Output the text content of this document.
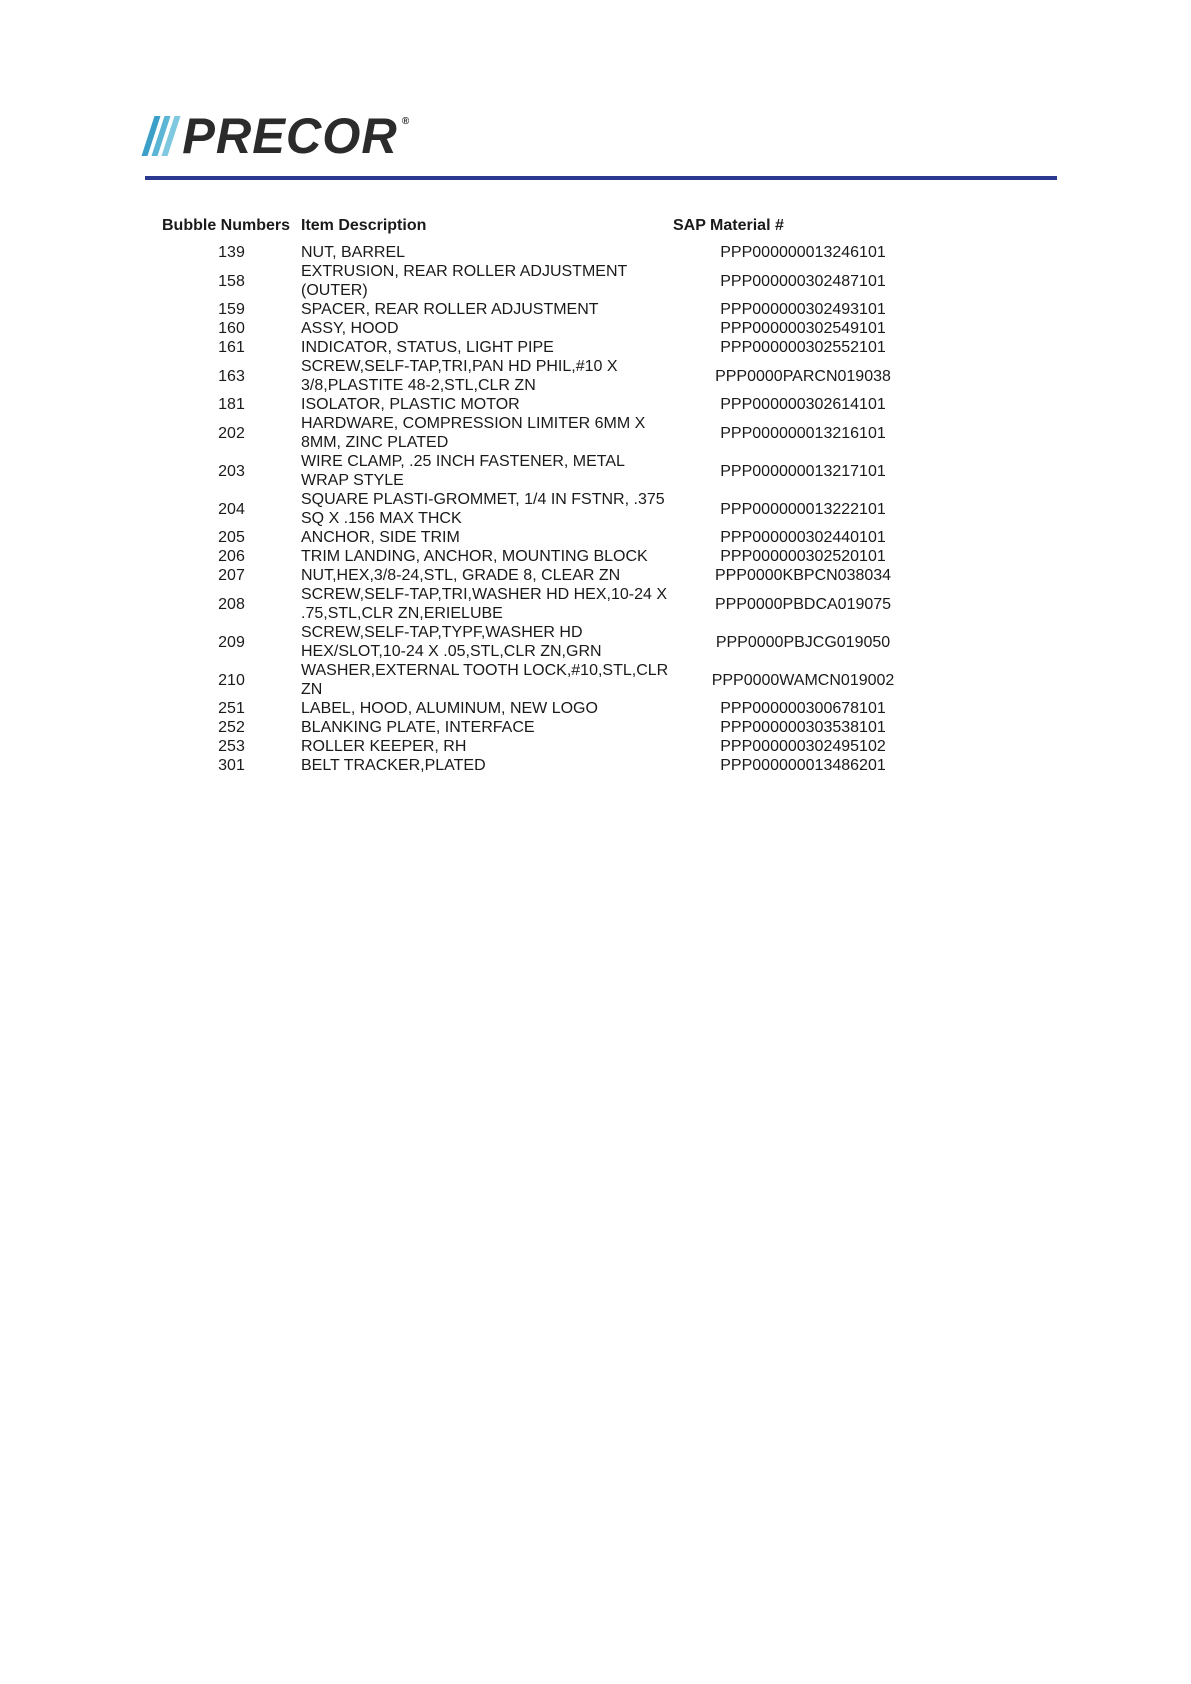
PRECOR ®
Bubble Numbers	Item Description	SAP Material #
139	NUT, BARREL	PPP000000013246101
158	EXTRUSION, REAR ROLLER ADJUSTMENT (OUTER)	PPP000000302487101
159	SPACER, REAR ROLLER ADJUSTMENT	PPP000000302493101
160	ASSY, HOOD	PPP000000302549101
161	INDICATOR, STATUS, LIGHT PIPE	PPP000000302552101
163	SCREW,SELF-TAP,TRI,PAN HD PHIL,#10 X 3/8,PLASTITE 48-2,STL,CLR ZN	PPP0000PARCN019038
181	ISOLATOR, PLASTIC MOTOR	PPP000000302614101
202	HARDWARE, COMPRESSION LIMITER 6MM X 8MM, ZINC PLATED	PPP000000013216101
203	WIRE CLAMP, .25 INCH FASTENER, METAL WRAP STYLE	PPP000000013217101
204	SQUARE PLASTI-GROMMET, 1/4 IN FSTNR, .375 SQ X .156 MAX THCK	PPP000000013222101
205	ANCHOR, SIDE TRIM	PPP000000302440101
206	TRIM LANDING, ANCHOR, MOUNTING BLOCK	PPP000000302520101
207	NUT,HEX,3/8-24,STL, GRADE 8, CLEAR ZN	PPP0000KBPCN038034
208	SCREW,SELF-TAP,TRI,WASHER HD HEX,10-24 X .75,STL,CLR ZN,ERIELUBE	PPP0000PBDCA019075
209	SCREW,SELF-TAP,TYPF,WASHER HD HEX/SLOT,10-24 X .05,STL,CLR ZN,GRN	PPP0000PBJCG019050
210	WASHER,EXTERNAL TOOTH LOCK,#10,STL,CLR ZN	PPP0000WAMCN019002
251	LABEL, HOOD, ALUMINUM, NEW LOGO	PPP000000300678101
252	BLANKING PLATE, INTERFACE	PPP000000303538101
253	ROLLER KEEPER, RH	PPP000000302495102
301	BELT TRACKER,PLATED	PPP000000013486201
